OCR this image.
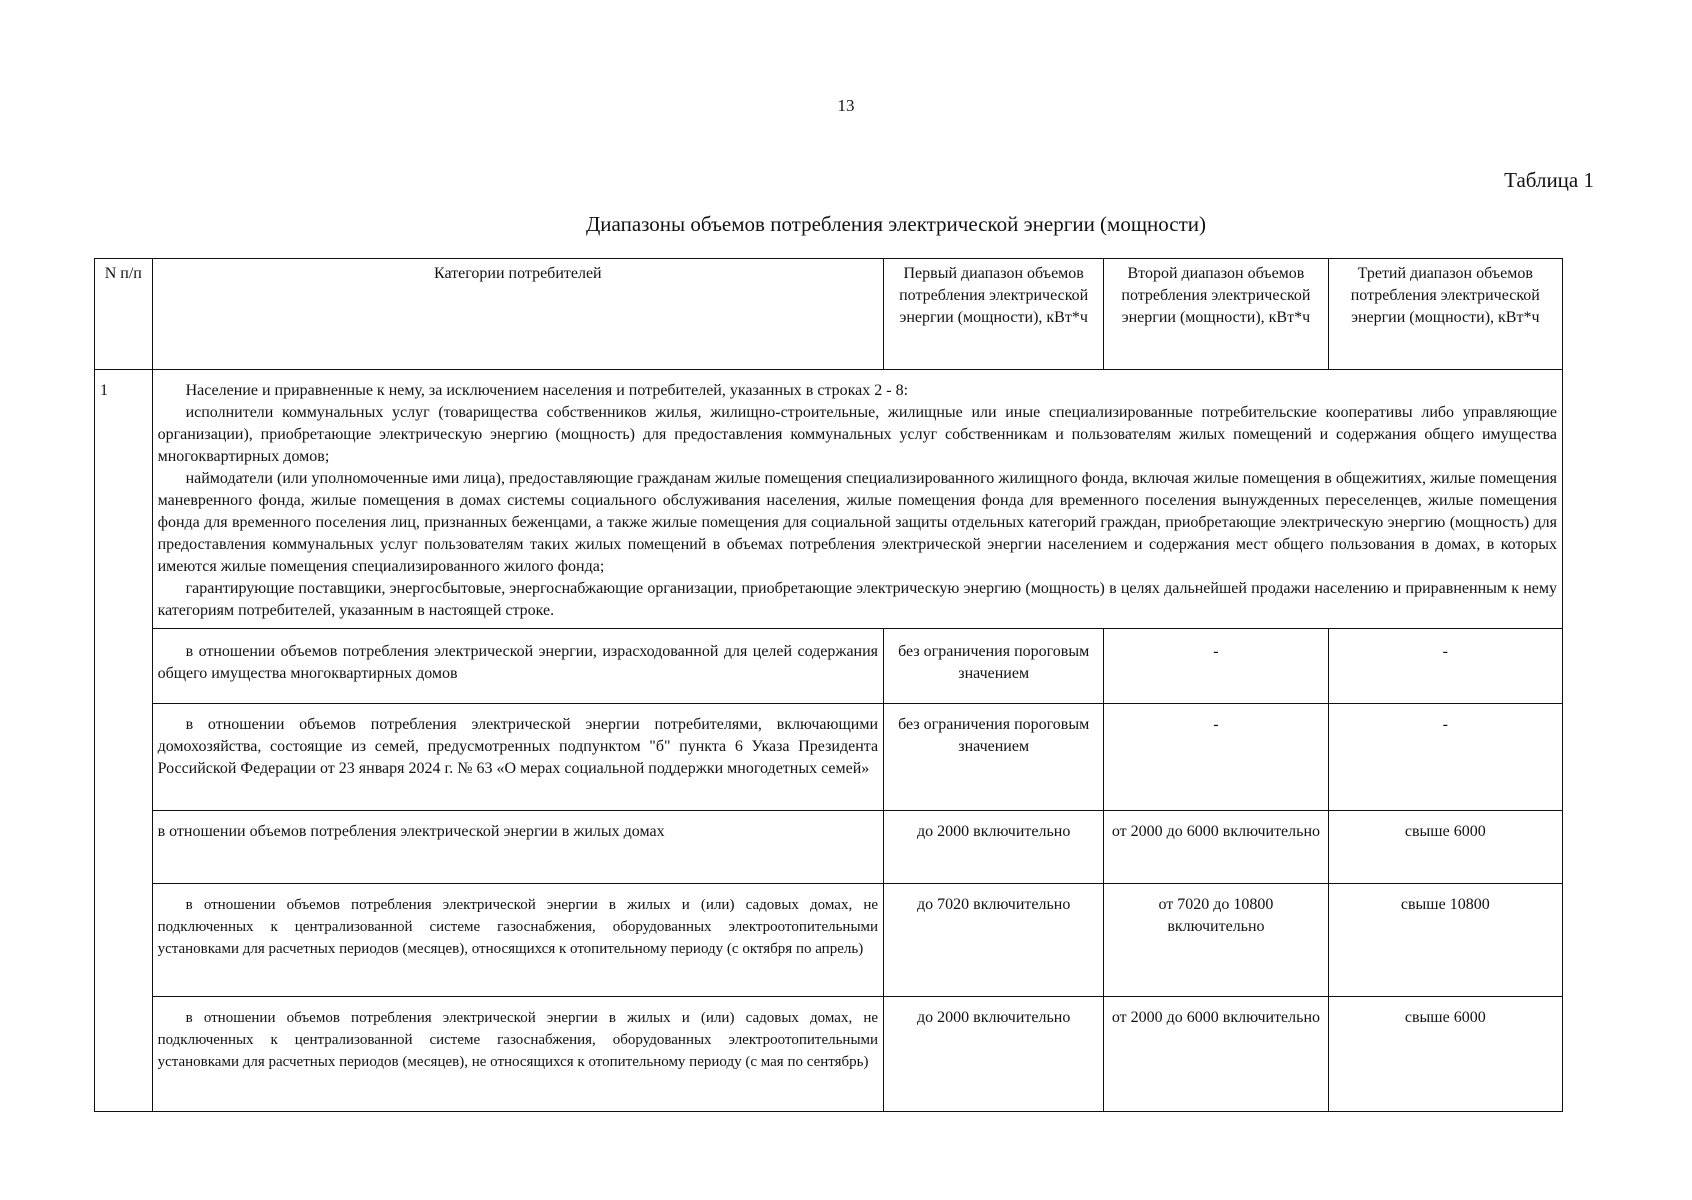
13
Таблица 1
Диапазоны объемов потребления электрической энергии (мощности)
N п/п	Категории потребителей	Первый диапазон объемов потребления электрической энергии (мощности), кВт*ч	Второй диапазон объемов потребления электрической энергии (мощности), кВт*ч	Третий диапазон объемов потребления электрической энергии (мощности), кВт*ч
1	Население и приравненные к нему, за исключением населения и потребителей, указанных в строках 2 - 8:

исполнители коммунальных услуг (товарищества собственников жилья, жилищно-строительные, жилищные или иные специализированные потребительские кооперативы либо управляющие организации), приобретающие электрическую энергию (мощность) для предоставления коммунальных услуг собственникам и пользователям жилых помещений и содержания общего имущества многоквартирных домов;

наймодатели (или уполномоченные ими лица), предоставляющие гражданам жилые помещения специализированного жилищного фонда, включая жилые помещения в общежитиях, жилые помещения маневренного фонда, жилые помещения в домах системы социального обслуживания населения, жилые помещения фонда для временного поселения вынужденных переселенцев, жилые помещения фонда для временного поселения лиц, признанных беженцами, а также жилые помещения для социальной защиты отдельных категорий граждан, приобретающие электрическую энергию (мощность) для предоставления коммунальных услуг пользователям таких жилых помещений в объемах потребления электрической энергии населением и содержания мест общего пользования в домах, в которых имеются жилые помещения специализированного жилого фонда;

гарантирующие поставщики, энергосбытовые, энергоснабжающие организации, приобретающие электрическую энергию (мощность) в целях дальнейшей продажи населению и приравненным к нему категориям потребителей, указанным в настоящей строке.			

	в отношении объемов потребления электрической энергии, израсходованной для целей содержания общего имущества многоквартирных домов	без ограничения пороговым значением	-	-
	в отношении объемов потребления электрической энергии потребителями, включающими домохозяйства, состоящие из семей, предусмотренных подпунктом "б" пункта 6 Указа Президента Российской Федерации от 23 января 2024 г. № 63 «О мерах социальной поддержки многодетных семей»	без ограничения пороговым значением	-	-
	в отношении объемов потребления электрической энергии в жилых домах	до 2000 включительно	от 2000 до 6000 включительно	свыше 6000
	в отношении объемов потребления электрической энергии в жилых и (или) садовых домах, не подключенных к централизованной системе газоснабжения, оборудованных электроотопительными установками для расчетных периодов (месяцев), относящихся к отопительному периоду (с октября по апрель)	до 7020 включительно	от 7020 до 10800 включительно	свыше 10800
	в отношении объемов потребления электрической энергии в жилых и (или) садовых домах, не подключенных к централизованной системе газоснабжения, оборудованных электроотопительными установками для расчетных периодов (месяцев), не относящихся к отопительному периоду (с мая по сентябрь)	до 2000 включительно	от 2000 до 6000 включительно	свыше 6000
